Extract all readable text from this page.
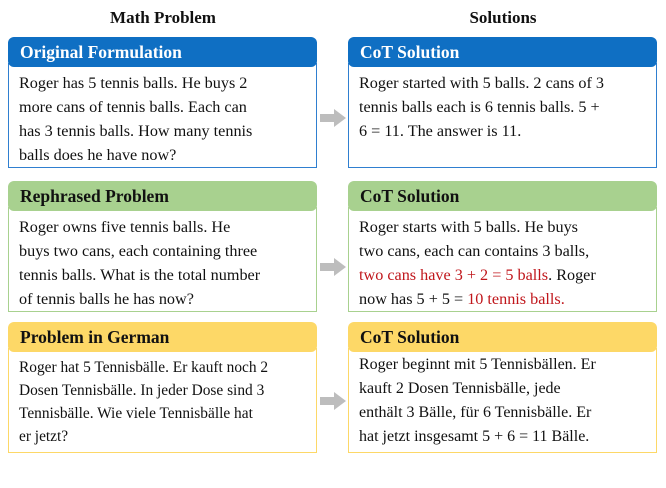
Math Problem	Solutions
Original Formulation
Roger has 5 tennis balls. He buys 2
more cans of tennis balls. Each can
has 3 tennis balls. How many tennis
balls does he have now?
CoT Solution
Roger started with 5 balls. 2 cans of 3
tennis balls each is 6 tennis balls. 5 +
6 = 11. The answer is 11.
Rephrased Problem
Roger owns five tennis balls. He
buys two cans, each containing three
tennis balls. What is the total number
of tennis balls he has now?
CoT Solution
Roger starts with 5 balls. He buys
two cans, each can contains 3 balls,
two cans have 3 + 2 = 5 balls. Roger
now has 5 + 5 = 10 tennis balls.
Problem in German
Roger hat 5 Tennisbälle. Er kauft noch 2
Dosen Tennisbälle. In jeder Dose sind 3
Tennisbälle. Wie viele Tennisbälle hat
er jetzt?
CoT Solution
Roger beginnt mit 5 Tennisbällen. Er
kauft 2 Dosen Tennisbälle, jede
enthält 3 Bälle, für 6 Tennisbälle. Er
hat jetzt insgesamt 5 + 6 = 11 Bälle.
